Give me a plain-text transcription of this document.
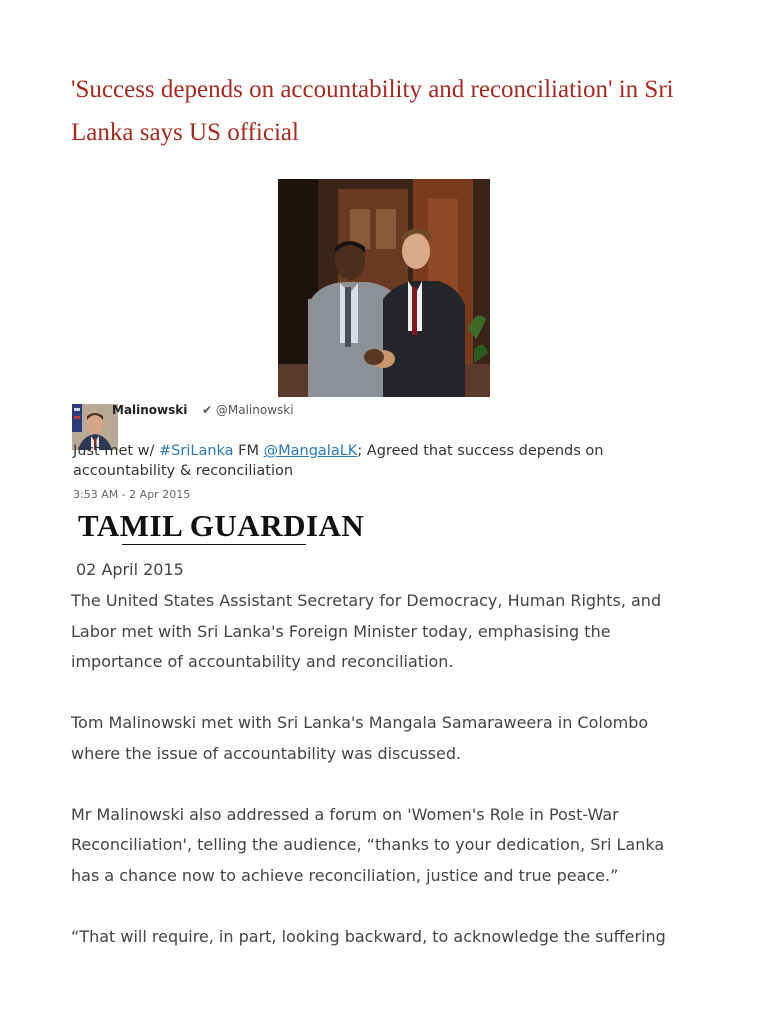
'Success depends on accountability and reconciliation' in Sri Lanka says US official
Malinowski ✔ @Malinowski
Just met w/ #SriLanka FM @MangalaLK; Agreed that success depends on accountability & reconciliation
3:53 AM - 2 Apr 2015
TAMIL GUARDIAN
02 April 2015

The United States Assistant Secretary for Democracy, Human Rights, and Labor met with Sri Lanka's Foreign Minister today, emphasising the importance of accountability and reconciliation.

Tom Malinowski met with Sri Lanka's Mangala Samaraweera in Colombo where the issue of accountability was discussed.

Mr Malinowski also addressed a forum on 'Women's Role in Post-War Reconciliation', telling the audience, “thanks to your dedication, Sri Lanka has a chance now to achieve reconciliation, justice and true peace.”

“That will require, in part, looking backward, to acknowledge the suffering
